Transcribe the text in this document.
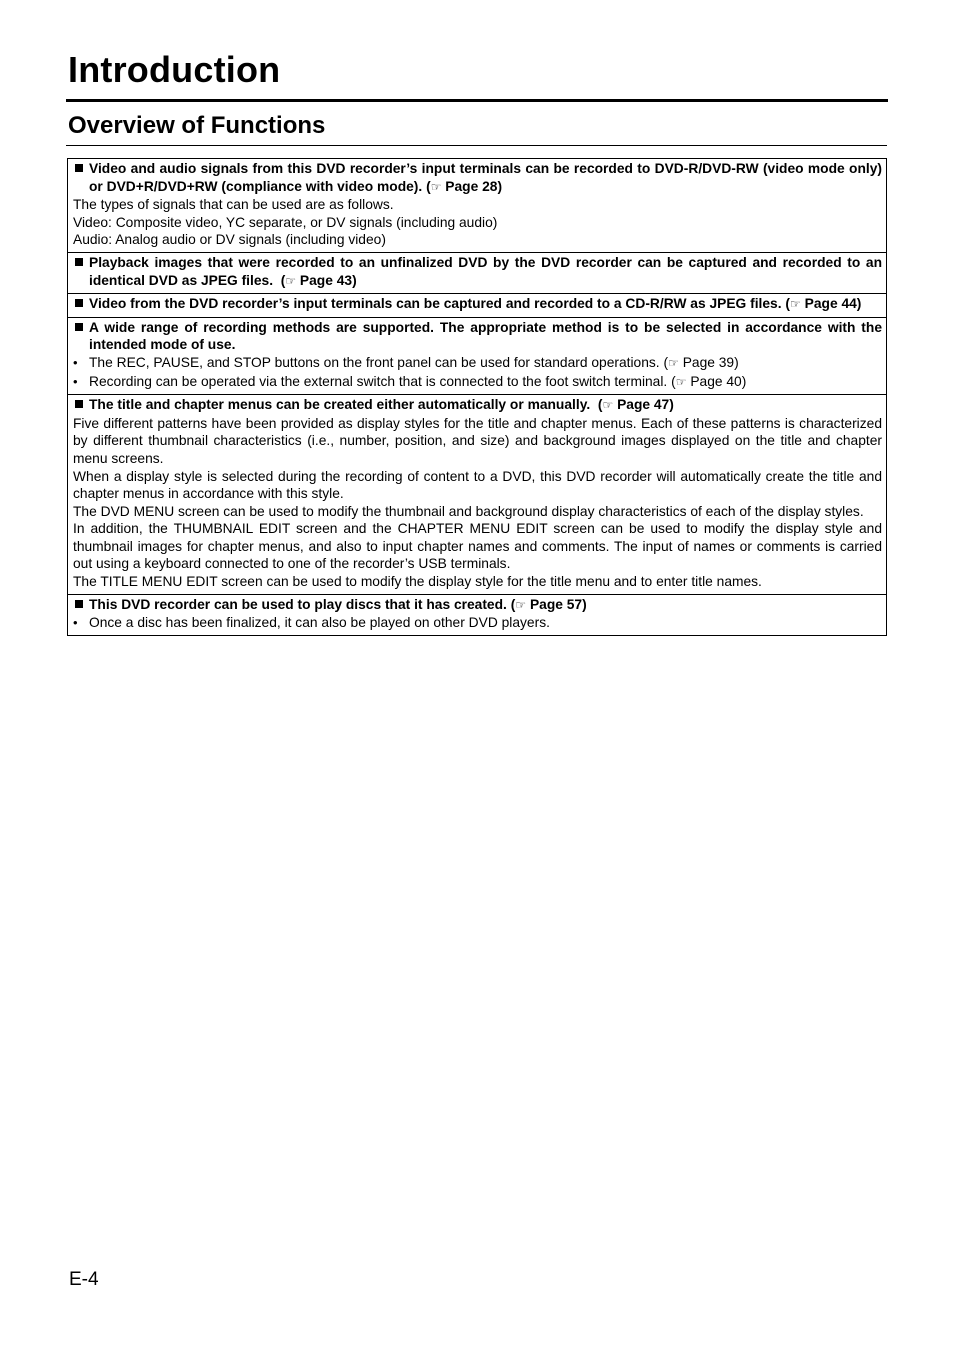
Introduction
Overview of Functions
Video and audio signals from this DVD recorder’s input terminals can be recorded to DVD-R/DVD-RW (video mode only) or DVD+R/DVD+RW (compliance with video mode). (☞ Page 28)
The types of signals that can be used are as follows.
Video: Composite video, YC separate, or DV signals (including audio)
Audio: Analog audio or DV signals (including video)
Playback images that were recorded to an unfinalized DVD by the DVD recorder can be captured and recorded to an identical DVD as JPEG files. (☞ Page 43)
Video from the DVD recorder’s input terminals can be captured and recorded to a CD-R/RW as JPEG files. (☞ Page 44)
A wide range of recording methods are supported. The appropriate method is to be selected in accordance with the intended mode of use.
• The REC, PAUSE, and STOP buttons on the front panel can be used for standard operations. (☞ Page 39)
• Recording can be operated via the external switch that is connected to the foot switch terminal. (☞ Page 40)
The title and chapter menus can be created either automatically or manually. (☞ Page 47)
Five different patterns have been provided as display styles for the title and chapter menus. Each of these patterns is characterized by different thumbnail characteristics (i.e., number, position, and size) and background images displayed on the title and chapter menu screens.
When a display style is selected during the recording of content to a DVD, this DVD recorder will automatically create the title and chapter menus in accordance with this style.
The DVD MENU screen can be used to modify the thumbnail and background display characteristics of each of the display styles.
In addition, the THUMBNAIL EDIT screen and the CHAPTER MENU EDIT screen can be used to modify the display style and thumbnail images for chapter menus, and also to input chapter names and comments. The input of names or comments is carried out using a keyboard connected to one of the recorder’s USB terminals.
The TITLE MENU EDIT screen can be used to modify the display style for the title menu and to enter title names.
This DVD recorder can be used to play discs that it has created. (☞ Page 57)
• Once a disc has been finalized, it can also be played on other DVD players.
E-4
